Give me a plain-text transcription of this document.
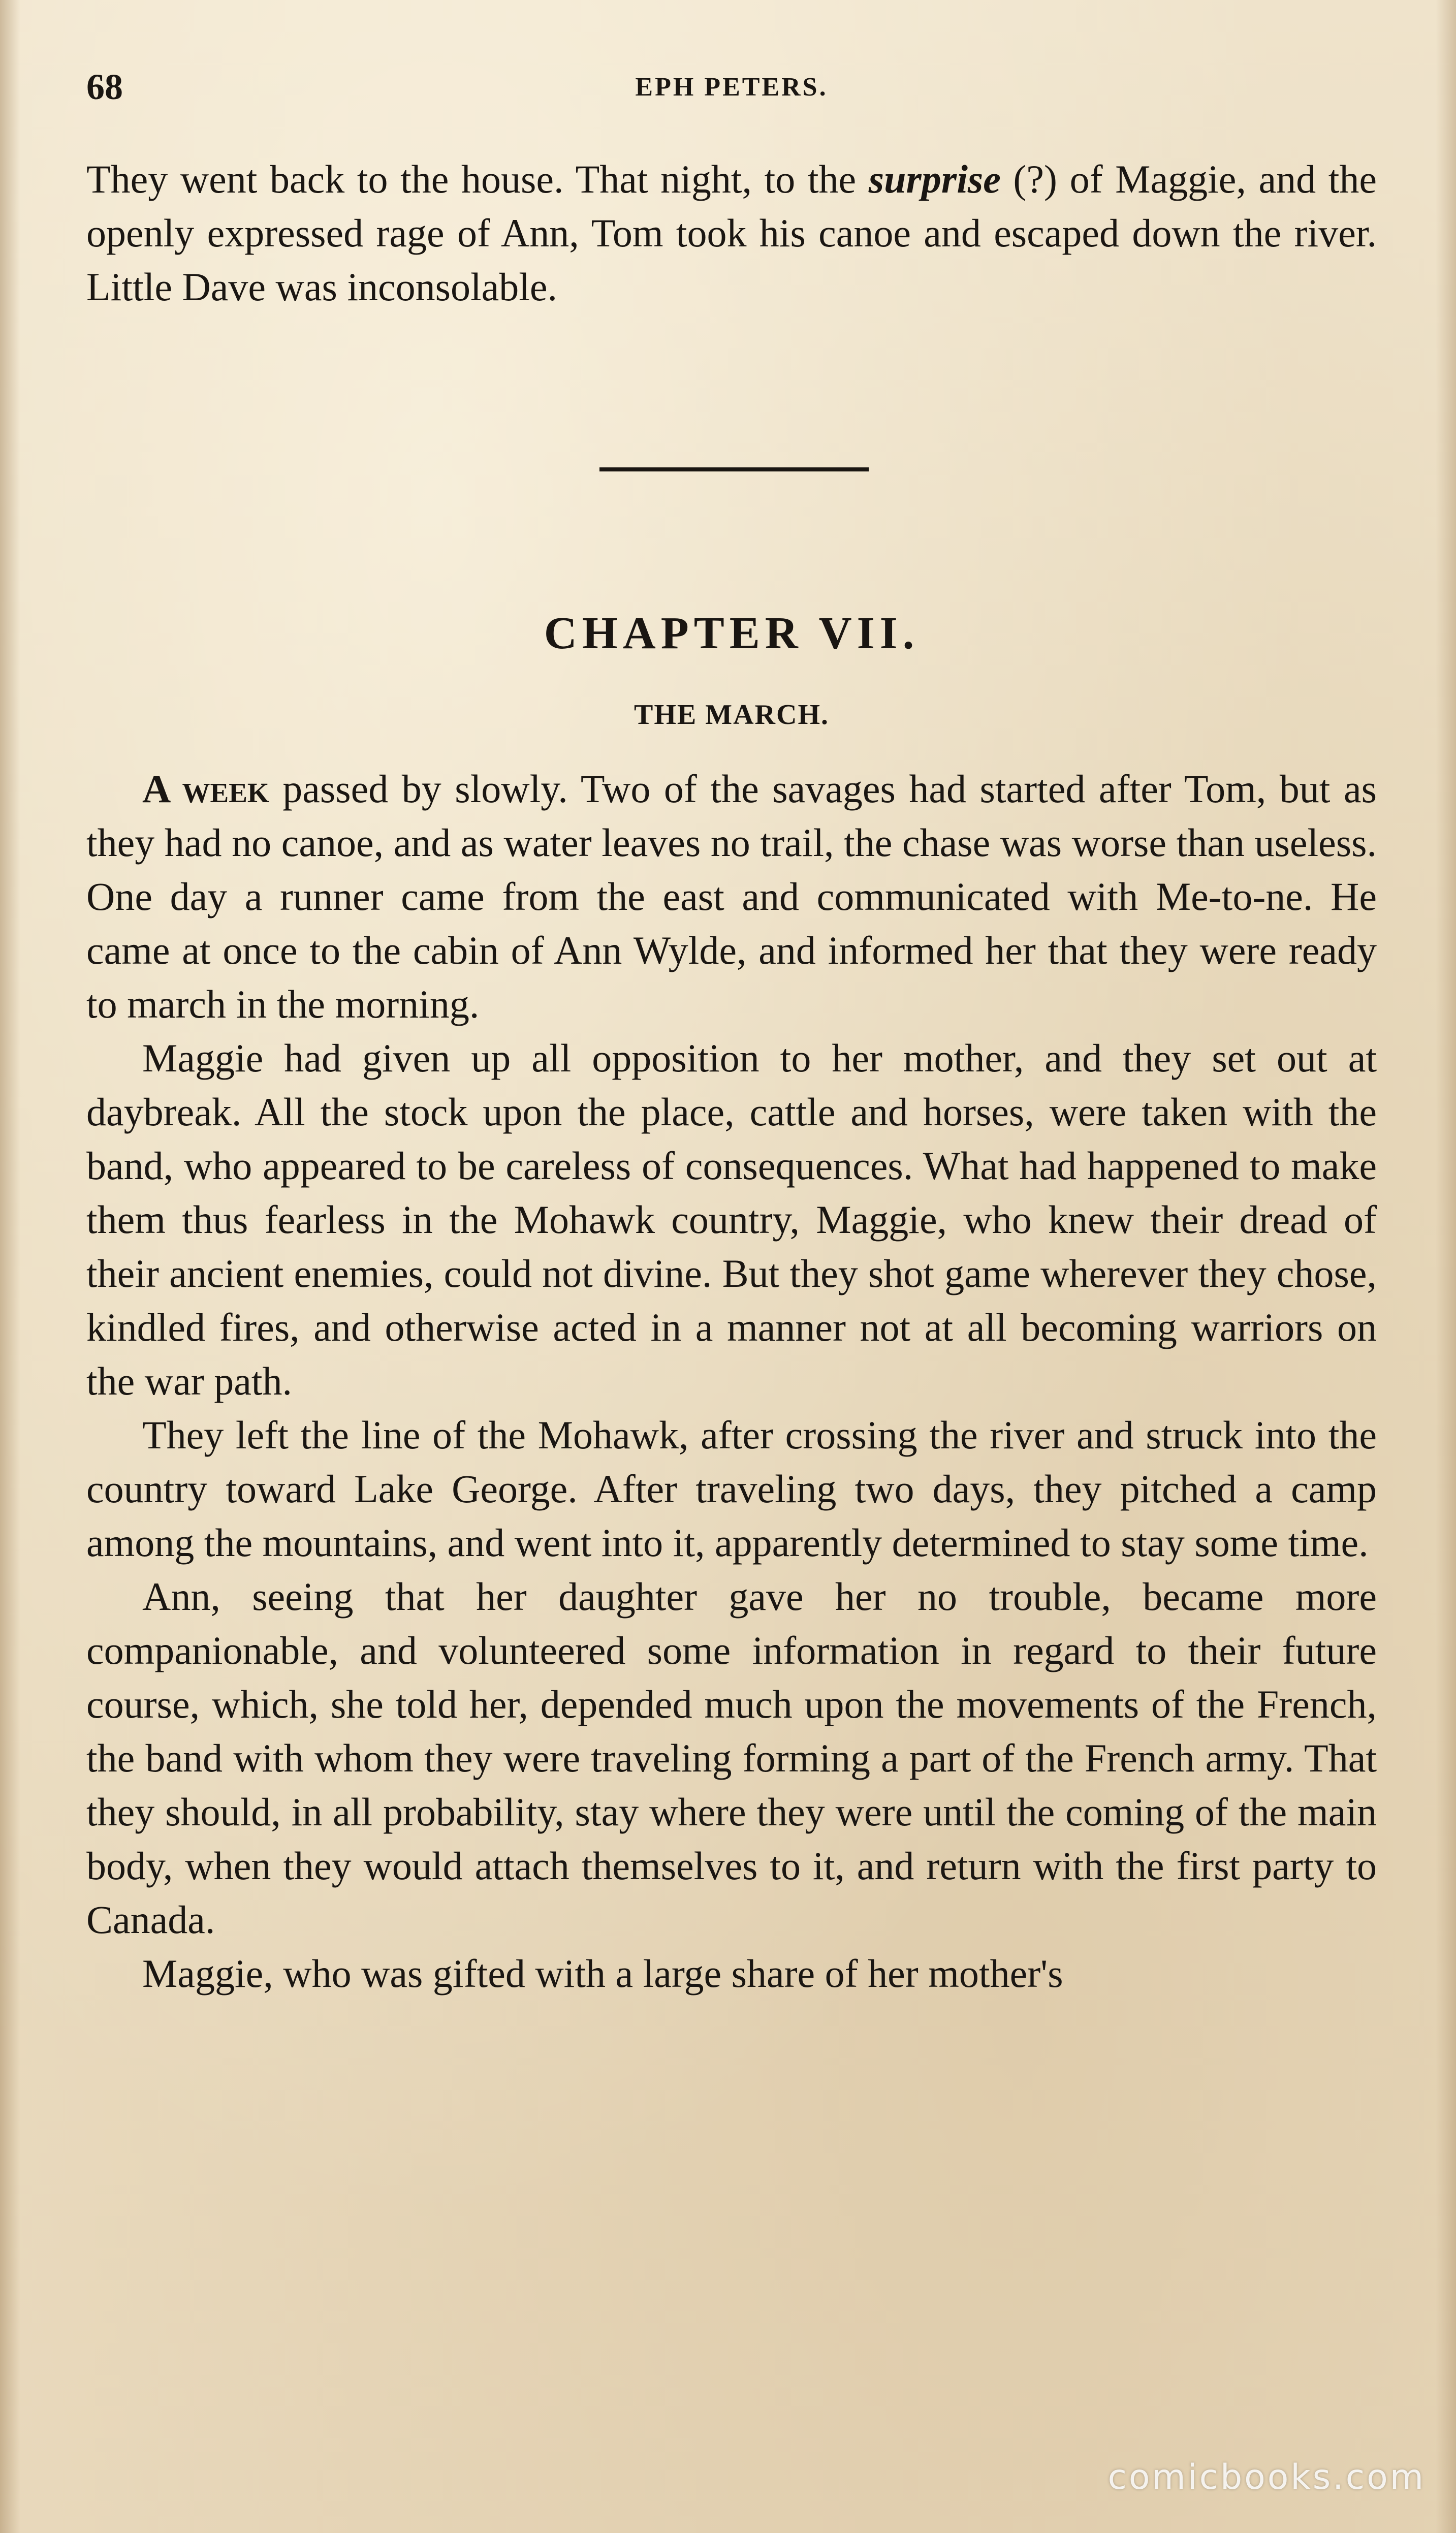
68	EPH PETERS.

They went back to the house. That night, to the surprise (?) of Maggie, and the openly expressed rage of Ann, Tom took his canoe and escaped down the river. Little Dave was inconsolable.

CHAPTER VII.
THE MARCH.

A week passed by slowly. Two of the savages had started after Tom, but as they had no canoe, and as water leaves no trail, the chase was worse than useless. One day a runner came from the east and communicated with Me-to-ne. He came at once to the cabin of Ann Wylde, and informed her that they were ready to march in the morning.

Maggie had given up all opposition to her mother, and they set out at daybreak. All the stock upon the place, cattle and horses, were taken with the band, who appeared to be careless of consequences. What had happened to make them thus fearless in the Mohawk country, Maggie, who knew their dread of their ancient enemies, could not divine. But they shot game wherever they chose, kindled fires, and otherwise acted in a manner not at all becoming warriors on the war path.

They left the line of the Mohawk, after crossing the river and struck into the country toward Lake George. After traveling two days, they pitched a camp among the mountains, and went into it, apparently determined to stay some time.

Ann, seeing that her daughter gave her no trouble, became more companionable, and volunteered some information in regard to their future course, which, she told her, depended much upon the movements of the French, the band with whom they were traveling forming a part of the French army. That they should, in all probability, stay where they were until the coming of the main body, when they would attach themselves to it, and return with the first party to Canada.

Maggie, who was gifted with a large share of her mother's

comicbooks.com
